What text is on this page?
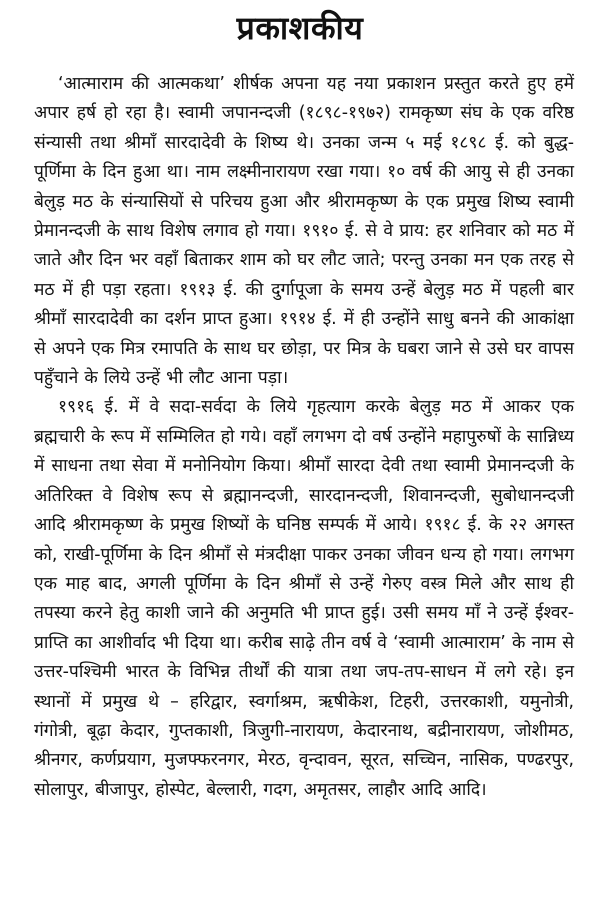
प्रकाशकीय

‘आत्माराम की आत्मकथा’ शीर्षक अपना यह नया प्रकाशन प्रस्तुत करते हुए हमें अपार हर्ष हो रहा है। स्वामी जपानन्दजी (१८९८-१९७२) रामकृष्ण संघ के एक वरिष्ठ संन्यासी तथा श्रीमाँ सारदादेवी के शिष्य थे। उनका जन्म ५ मई १८९८ ई. को बुद्ध-पूर्णिमा के दिन हुआ था। नाम लक्ष्मीनारायण रखा गया। १० वर्ष की आयु से ही उनका बेलुड़ मठ के संन्यासियों से परिचय हुआ और श्रीरामकृष्ण के एक प्रमुख शिष्य स्वामी प्रेमानन्दजी के साथ विशेष लगाव हो गया। १९१० ई. से वे प्राय: हर शनिवार को मठ में जाते और दिन भर वहाँ बिताकर शाम को घर लौट जाते; परन्तु उनका मन एक तरह से मठ में ही पड़ा रहता। १९१३ ई. की दुर्गापूजा के समय उन्हें बेलुड़ मठ में पहली बार श्रीमाँ सारदादेवी का दर्शन प्राप्त हुआ। १९१४ ई. में ही उन्होंने साधु बनने की आकांक्षा से अपने एक मित्र रमापति के साथ घर छोड़ा, पर मित्र के घबरा जाने से उसे घर वापस पहुँचाने के लिये उन्हें भी लौट आना पड़ा।

१९१६ ई. में वे सदा-सर्वदा के लिये गृहत्याग करके बेलुड़ मठ में आकर एक ब्रह्मचारी के रूप में सम्मिलित हो गये। वहाँ लगभग दो वर्ष उन्होंने महापुरुषों के सान्निध्य में साधना तथा सेवा में मनोनियोग किया। श्रीमाँ सारदा देवी तथा स्वामी प्रेमानन्दजी के अतिरिक्त वे विशेष रूप से ब्रह्मानन्दजी, सारदानन्दजी, शिवानन्दजी, सुबोधानन्दजी आदि श्रीरामकृष्ण के प्रमुख शिष्यों के घनिष्ठ सम्पर्क में आये। १९१८ ई. के २२ अगस्त को, राखी-पूर्णिमा के दिन श्रीमाँ से मंत्रदीक्षा पाकर उनका जीवन धन्य हो गया। लगभग एक माह बाद, अगली पूर्णिमा के दिन श्रीमाँ से उन्हें गेरुए वस्त्र मिले और साथ ही तपस्या करने हेतु काशी जाने की अनुमति भी प्राप्त हुई। उसी समय माँ ने उन्हें ईश्वर-प्राप्ति का आशीर्वाद भी दिया था। करीब साढ़े तीन वर्ष वे ‘स्वामी आत्माराम’ के नाम से उत्तर-पश्चिमी भारत के विभिन्न तीर्थों की यात्रा तथा जप-तप-साधन में लगे रहे। इन स्थानों में प्रमुख थे – हरिद्वार, स्वर्गाश्रम, ऋषीकेश, टिहरी, उत्तरकाशी, यमुनोत्री, गंगोत्री, बूढ़ा केदार, गुप्तकाशी, त्रिजुगी-नारायण, केदारनाथ, बद्रीनारायण, जोशीमठ, श्रीनगर, कर्णप्रयाग, मुजफ्फरनगर, मेरठ, वृन्दावन, सूरत, सच्चिन, नासिक, पण्ढरपुर, सोलापुर, बीजापुर, होस्पेट, बेल्लारी, गदग, अमृतसर, लाहौर आदि आदि।
